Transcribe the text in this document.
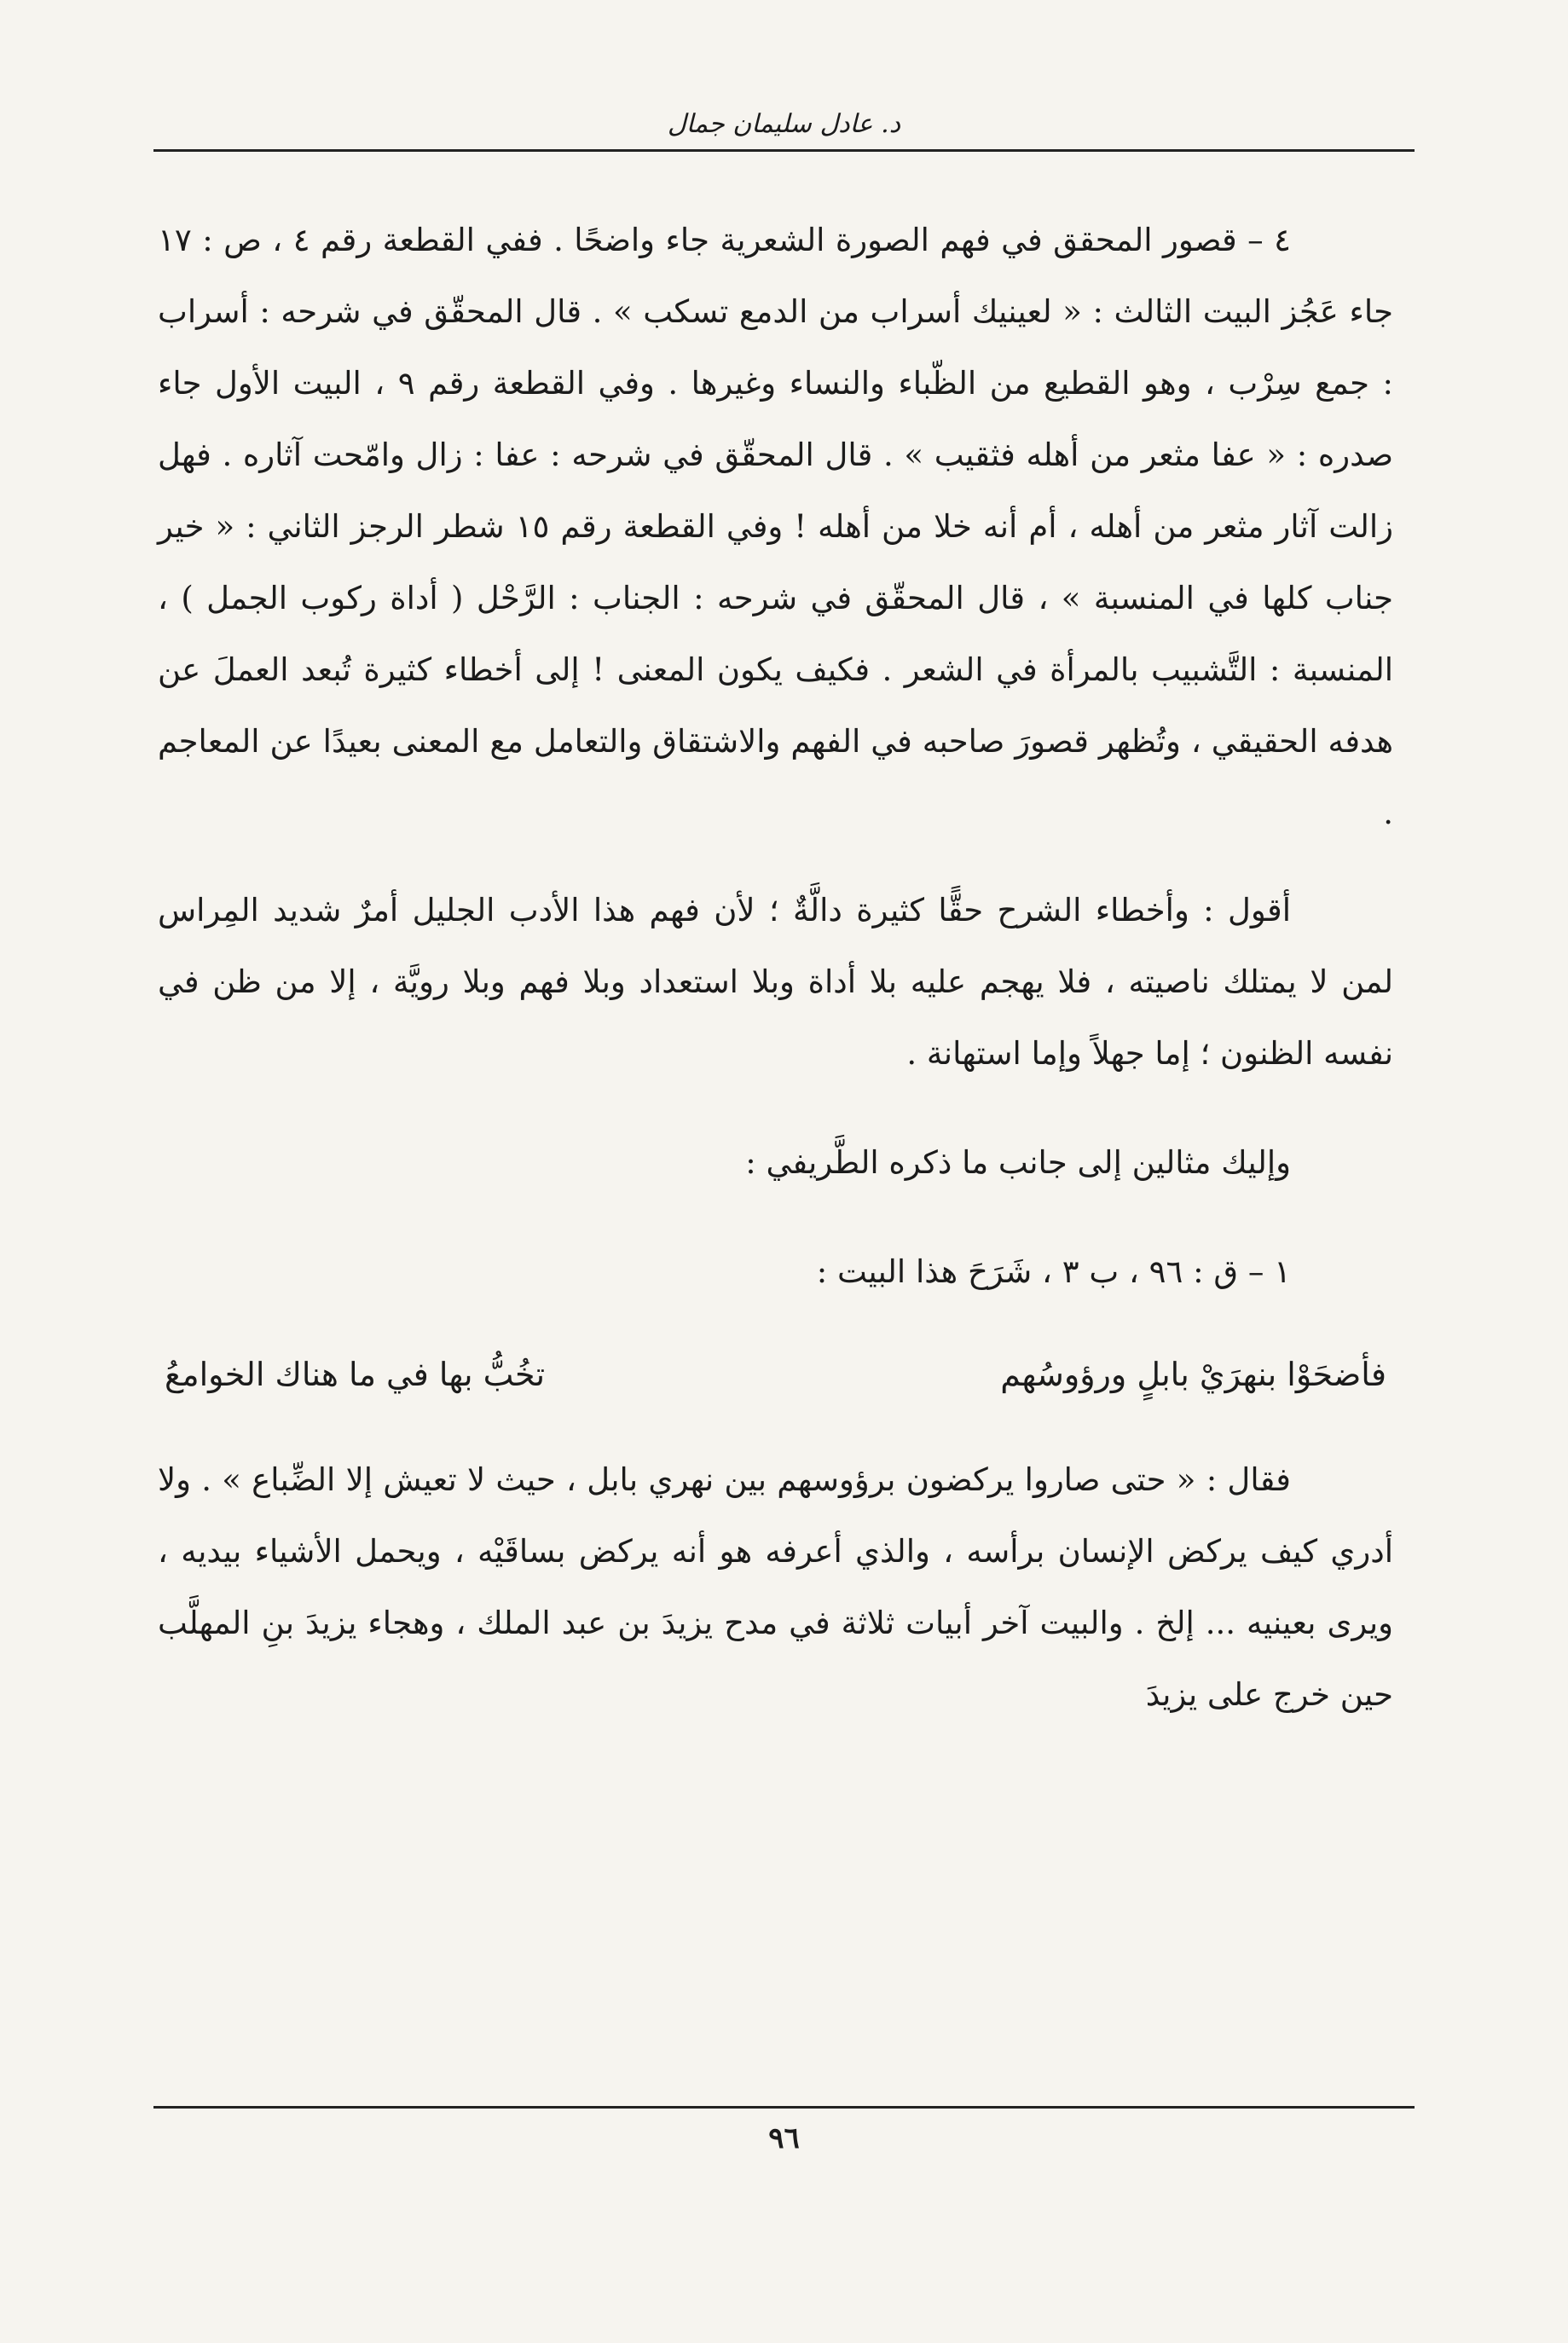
د. عادل سليمان جمال

٤ – قصور المحقق في فهم الصورة الشعرية جاء واضحًا . ففي القطعة رقم ٤ ، ص : ١٧ جاء عَجُز البيت الثالث : « لعينيك أسراب من الدمع تسكب » . قال المحقّق في شرحه : أسراب : جمع سِرْب ، وهو القطيع من الظّباء والنساء وغيرها . وفي القطعة رقم ٩ ، البيت الأول جاء صدره : « عفا مثعر من أهله فثقيب » . قال المحقّق في شرحه : عفا : زال وامّحت آثاره . فهل زالت آثار مثعر من أهله ، أم أنه خلا من أهله ! وفي القطعة رقم ١٥ شطر الرجز الثاني : « خير جناب كلها في المنسبة » ، قال المحقّق في شرحه : الجناب : الرَّحْل ( أداة ركوب الجمل ) ، المنسبة : التَّشبيب بالمرأة في الشعر . فكيف يكون المعنى ! إلى أخطاء كثيرة تُبعد العملَ عن هدفه الحقيقي ، وتُظهر قصورَ صاحبه في الفهم والاشتقاق والتعامل مع المعنى بعيدًا عن المعاجم .

أقول : وأخطاء الشرح حقًّا كثيرة دالَّةٌ ؛ لأن فهم هذا الأدب الجليل أمرٌ شديد المِراس لمن لا يمتلك ناصيته ، فلا يهجم عليه بلا أداة وبلا استعداد وبلا فهم وبلا رويَّة ، إلا من ظن في نفسه الظنون ؛ إما جهلاً وإما استهانة .

وإليك مثالين إلى جانب ما ذكره الطَّريفي :

١ – ق : ٩٦ ، ب ٣ ، شَرَحَ هذا البيت :

فأضحَوْا بنهرَيْ بابلٍ ورؤوسُهم
تخُبُّ بها في ما هناك الخوامعُ

فقال : « حتى صاروا يركضون برؤوسهم بين نهري بابل ، حيث لا تعيش إلا الضِّباع » . ولا أدري كيف يركض الإنسان برأسه ، والذي أعرفه هو أنه يركض بساقَيْه ، ويحمل الأشياء بيديه ، ويرى بعينيه ... إلخ . والبيت آخر أبيات ثلاثة في مدح يزيدَ بن عبد الملك ، وهجاء يزيدَ بنِ المهلَّب حين خرج على يزيدَ

٩٦
